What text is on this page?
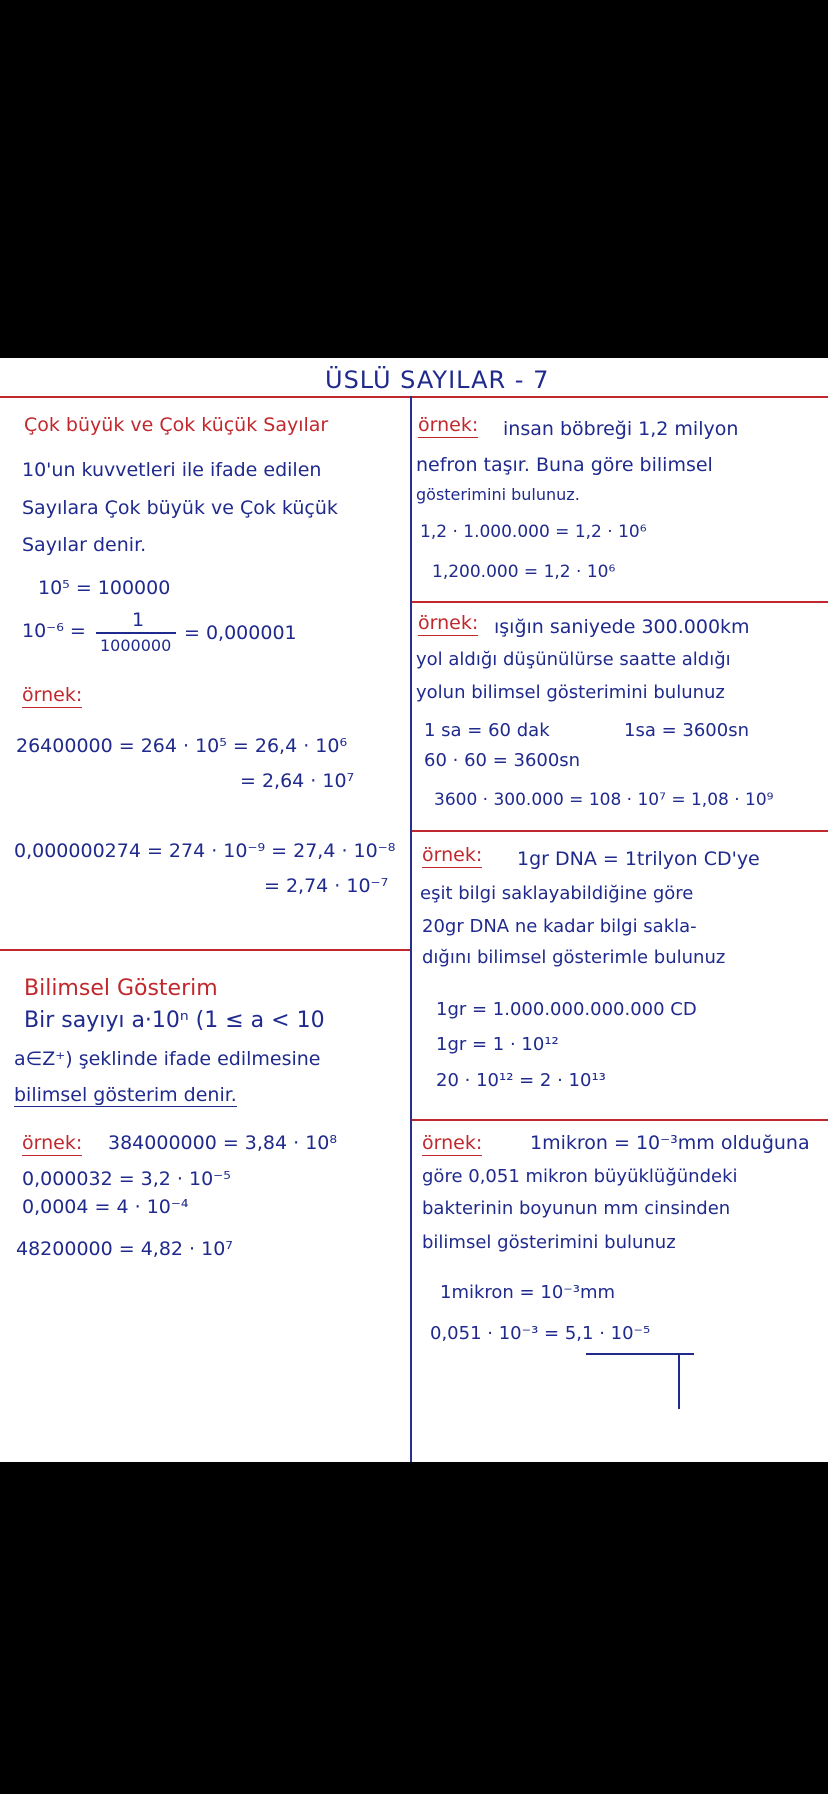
ÜSLÜ SAYILAR - 7
Çok büyük ve Çok küçük Sayılar
10'un kuvvetleri ile ifade edilen
Sayılara Çok büyük ve Çok küçük
Sayılar denir.
10⁵ = 100000
10⁻⁶ = 1
1000000
= 0,000001
örnek:
26400000 = 264 · 10⁵ = 26,4 · 10⁶
= 2,64 · 10⁷
0,000000274 = 274 · 10⁻⁹ = 27,4 · 10⁻⁸
= 2,74 · 10⁻⁷
Bilimsel Gösterim
Bir sayıyı a·10ⁿ (1 ≤ a < 10
a∈Z⁺) şeklinde ifade edilmesine
bilimsel gösterim denir.
örnek: 384000000 = 3,84 · 10⁸
0,000032 = 3,2 · 10⁻⁵
0,0004 = 4 · 10⁻⁴
48200000 = 4,82 · 10⁷
örnek: insan böbreği 1,2 milyon
nefron taşır. Buna göre bilimsel
gösterimini bulunuz.
1,2 · 1.000.000 = 1,2 · 10⁶
1,200.000 = 1,2 · 10⁶
örnek: ışığın saniyede 300.000km
yol aldığı düşünülürse saatte aldığı
yolun bilimsel gösterimini bulunuz
1 sa = 60 dak	1sa = 3600sn
60 · 60 = 3600sn
3600 · 300.000 = 108 · 10⁷ = 1,08 · 10⁹
örnek: 1gr DNA = 1trilyon CD'ye
eşit bilgi saklayabildiğine göre
20gr DNA ne kadar bilgi sakla-
dığını bilimsel gösterimle bulunuz
1gr = 1.000.000.000.000 CD
1gr = 1 · 10¹²
20 · 10¹² = 2 · 10¹³
örnek:	1mikron = 10⁻³mm olduğuna
göre 0,051 mikron büyüklüğündeki
bakterinin boyunun mm cinsinden
bilimsel gösterimini bulunuz
1mikron = 10⁻³mm
0,051 · 10⁻³ = 5,1 · 10⁻⁵
